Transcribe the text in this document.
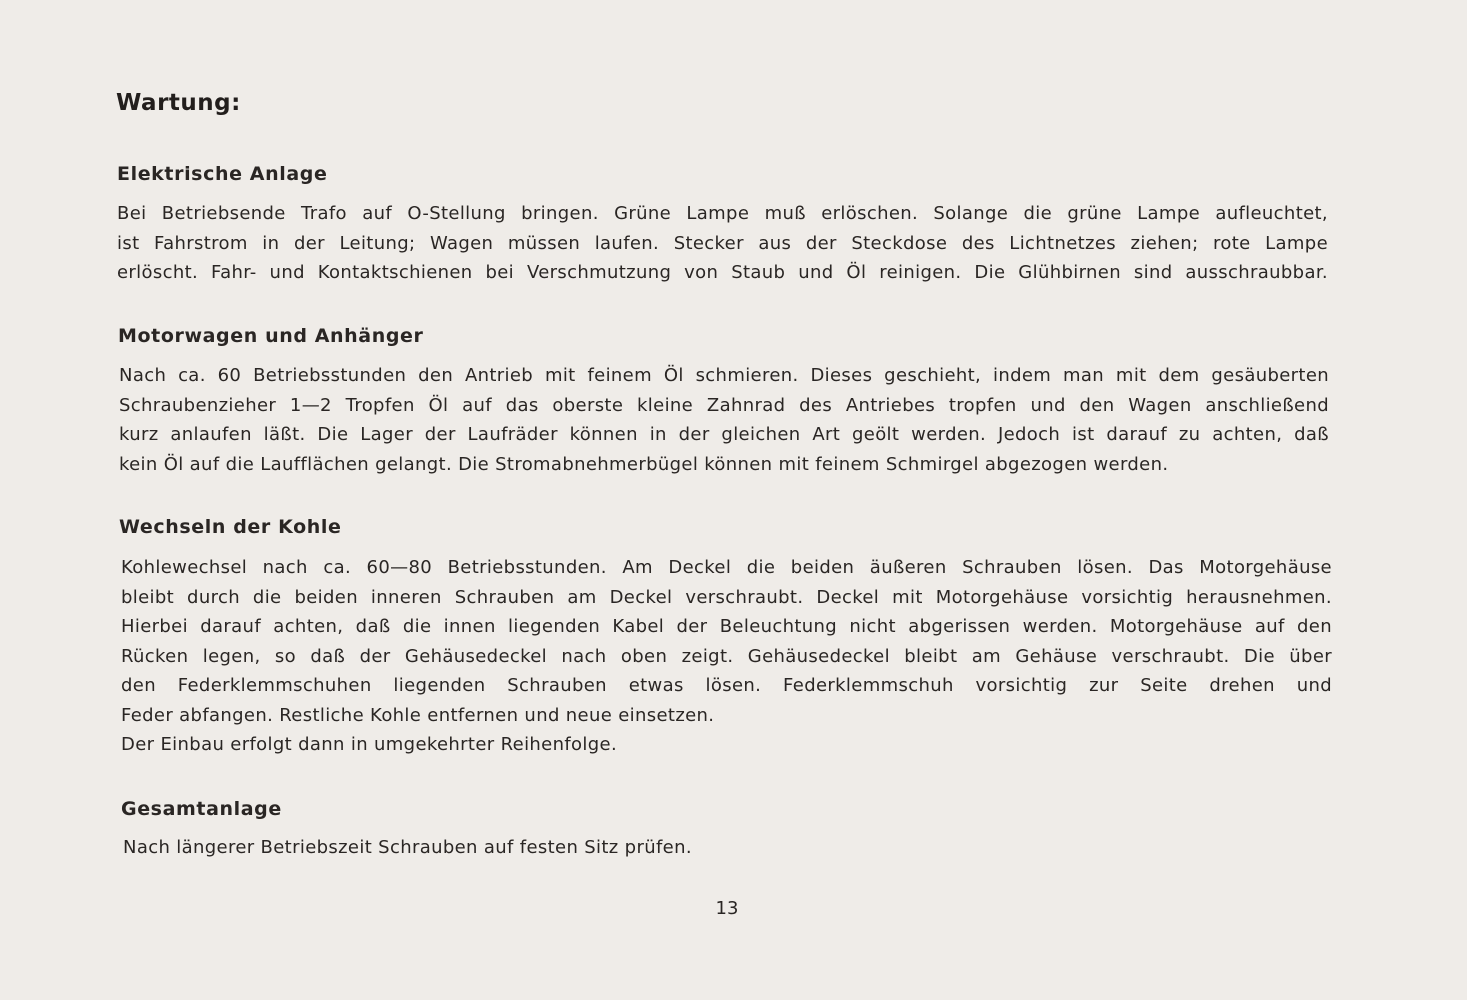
Wartung:
Elektrische Anlage
Bei Betriebsende Trafo auf O-Stellung bringen. Grüne Lampe muß erlöschen. Solange die grüne Lampe aufleuchtet,
ist Fahrstrom in der Leitung; Wagen müssen laufen. Stecker aus der Steckdose des Lichtnetzes ziehen; rote Lampe
erlöscht. Fahr- und Kontaktschienen bei Verschmutzung von Staub und Öl reinigen. Die Glühbirnen sind ausschraubbar.
Motorwagen und Anhänger
Nach ca. 60 Betriebsstunden den Antrieb mit feinem Öl schmieren. Dieses geschieht, indem man mit dem gesäuberten
Schraubenzieher 1—2 Tropfen Öl auf das oberste kleine Zahnrad des Antriebes tropfen und den Wagen anschließend
kurz anlaufen läßt. Die Lager der Laufräder können in der gleichen Art geölt werden. Jedoch ist darauf zu achten, daß
kein Öl auf die Laufflächen gelangt. Die Stromabnehmerbügel können mit feinem Schmirgel abgezogen werden.
Wechseln der Kohle
Kohlewechsel nach ca. 60—80 Betriebsstunden. Am Deckel die beiden äußeren Schrauben lösen. Das Motorgehäuse
bleibt durch die beiden inneren Schrauben am Deckel verschraubt. Deckel mit Motorgehäuse vorsichtig herausnehmen.
Hierbei darauf achten, daß die innen liegenden Kabel der Beleuchtung nicht abgerissen werden. Motorgehäuse auf den
Rücken legen, so daß der Gehäusedeckel nach oben zeigt. Gehäusedeckel bleibt am Gehäuse verschraubt. Die über
den Federklemmschuhen liegenden Schrauben etwas lösen. Federklemmschuh vorsichtig zur Seite drehen und
Feder abfangen. Restliche Kohle entfernen und neue einsetzen.
Der Einbau erfolgt dann in umgekehrter Reihenfolge.
Gesamtanlage
Nach längerer Betriebszeit Schrauben auf festen Sitz prüfen.
13
